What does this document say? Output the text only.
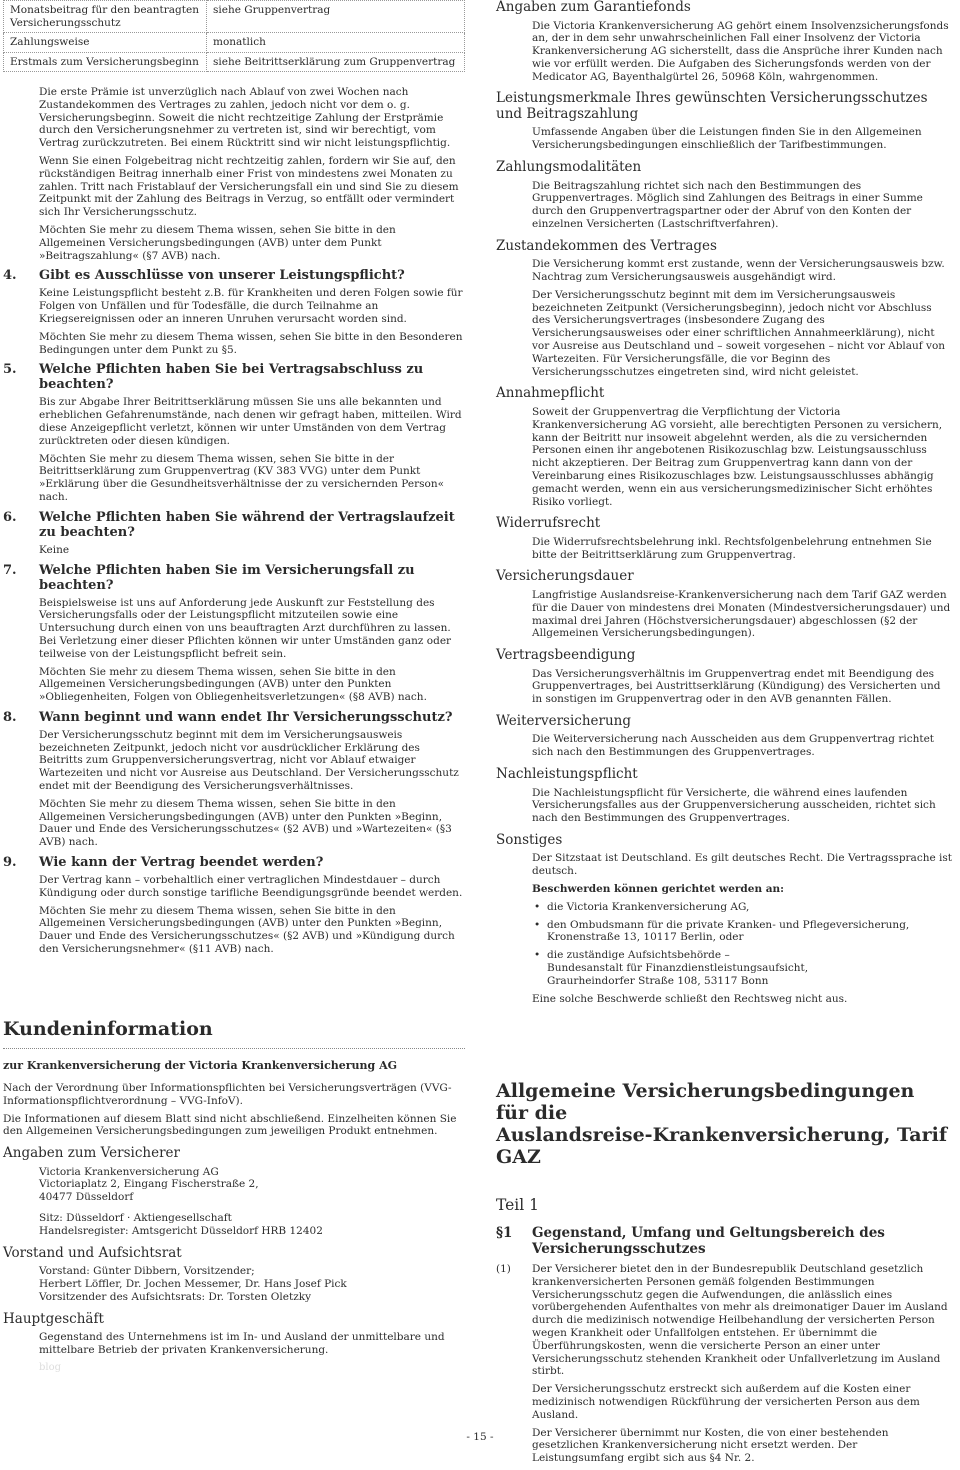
Monatsbeitrag für den beantragten Versicherungsschutz	siehe Gruppenvertrag
Zahlungsweise	monatlich
Erstmals zum Versicherungsbeginn	siehe Beitrittserklärung zum Gruppenvertrag

Die erste Prämie ist unverzüglich nach Ablauf von zwei Wochen nach Zustandekommen des Vertrages zu zahlen, jedoch nicht vor dem o. g. Versicherungsbeginn. Soweit die nicht rechtzeitige Zahlung der Erstprämie durch den Versicherungsnehmer zu vertreten ist, sind wir berechtigt, vom Vertrag zurückzutreten. Bei einem Rücktritt sind wir nicht leistungspflichtig.

Wenn Sie einen Folgebeitrag nicht rechtzeitig zahlen, fordern wir Sie auf, den rückständigen Beitrag innerhalb einer Frist von mindestens zwei Monaten zu zahlen. Tritt nach Fristablauf der Versicherungsfall ein und sind Sie zu diesem Zeitpunkt mit der Zahlung des Beitrags in Verzug, so entfällt oder vermindert sich Ihr Versicherungsschutz.

Möchten Sie mehr zu diesem Thema wissen, sehen Sie bitte in den Allgemeinen Versicherungsbedingungen (AVB) unter dem Punkt »Beitragszahlung« (§7 AVB) nach.

4.	Gibt es Ausschlüsse von unserer Leistungspflicht?

Keine Leistungspflicht besteht z.B. für Krankheiten und deren Folgen sowie für Folgen von Unfällen und für Todesfälle, die durch Teilnahme an Kriegsereignissen oder an inneren Unruhen verursacht worden sind.

Möchten Sie mehr zu diesem Thema wissen, sehen Sie bitte in den Besonderen Bedingungen unter dem Punkt zu §5.

5.	Welche Pflichten haben Sie bei Vertragsabschluss zu beachten?

Bis zur Abgabe Ihrer Beitrittserklärung müssen Sie uns alle bekannten und erheblichen Gefahrenumstände, nach denen wir gefragt haben, mitteilen. Wird diese Anzeigepflicht verletzt, können wir unter Umständen von dem Vertrag zurücktreten oder diesen kündigen.

Möchten Sie mehr zu diesem Thema wissen, sehen Sie bitte in der Beitrittserklärung zum Gruppenvertrag (KV 383 VVG) unter dem Punkt »Erklärung über die Gesundheitsverhältnisse der zu versichernden Person« nach.

6.	Welche Pflichten haben Sie während der Vertragslaufzeit zu beachten?

Keine

7.	Welche Pflichten haben Sie im Versicherungsfall zu beachten?

Beispielsweise ist uns auf Anforderung jede Auskunft zur Feststellung des Versicherungsfalls oder der Leistungspflicht mitzuteilen sowie eine Untersuchung durch einen von uns beauftragten Arzt durchführen zu lassen. Bei Verletzung einer dieser Pflichten können wir unter Umständen ganz oder teilweise von der Leistungspflicht befreit sein.

Möchten Sie mehr zu diesem Thema wissen, sehen Sie bitte in den Allgemeinen Versicherungsbedingungen (AVB) unter den Punkten »Obliegenheiten, Folgen von Obliegenheitsverletzungen« (§8 AVB) nach.

8.	Wann beginnt und wann endet Ihr Versicherungsschutz?

Der Versicherungsschutz beginnt mit dem im Versicherungsausweis bezeichneten Zeitpunkt, jedoch nicht vor ausdrücklicher Erklärung des Beitritts zum Gruppenversicherungsvertrag, nicht vor Ablauf etwaiger Wartezeiten und nicht vor Ausreise aus Deutschland. Der Versicherungsschutz endet mit der Beendigung des Versicherungsverhältnisses.

Möchten Sie mehr zu diesem Thema wissen, sehen Sie bitte in den Allgemeinen Versicherungsbedingungen (AVB) unter den Punkten »Beginn, Dauer und Ende des Versicherungsschutzes« (§2 AVB) und »Wartezeiten« (§3 AVB) nach.

9.	Wie kann der Vertrag beendet werden?

Der Vertrag kann – vorbehaltlich einer vertraglichen Mindestdauer – durch Kündigung oder durch sonstige tarifliche Beendigungsgründe beendet werden.

Möchten Sie mehr zu diesem Thema wissen, sehen Sie bitte in den Allgemeinen Versicherungsbedingungen (AVB) unter den Punkten »Beginn, Dauer und Ende des Versicherungsschutzes« (§2 AVB) und »Kündigung durch den Versicherungsnehmer« (§11 AVB) nach.

Kundeninformation
zur Krankenversicherung der Victoria Krankenversicherung AG

Nach der Verordnung über Informationspflichten bei Versicherungsverträgen (VVG-Informationspflichtverordnung – VVG-InfoV).

Die Informationen auf diesem Blatt sind nicht abschließend. Einzelheiten können Sie den Allgemeinen Versicherungsbedingungen zum jeweiligen Produkt entnehmen.

Angaben zum Versicherer

Victoria Krankenversicherung AG
Victoriaplatz 2, Eingang Fischerstraße 2,
40477 Düsseldorf

Sitz: Düsseldorf · Aktiengesellschaft
Handelsregister: Amtsgericht Düsseldorf HRB 12402

Vorstand und Aufsichtsrat

Vorstand: Günter Dibbern, Vorsitzender;
Herbert Löffler, Dr. Jochen Messemer, Dr. Hans Josef Pick
Vorsitzender des Aufsichtsrats: Dr. Torsten Oletzky

Hauptgeschäft

Gegenstand des Unternehmens ist im In- und Ausland der unmittelbare und mittelbare Betrieb der privaten Krankenversicherung.

blog
Angaben zum Garantiefonds

Die Victoria Krankenversicherung AG gehört einem Insolvenzsicherungsfonds an, der in dem sehr unwahrscheinlichen Fall einer Insolvenz der Victoria Krankenversicherung AG sicherstellt, dass die Ansprüche ihrer Kunden nach wie vor erfüllt werden. Die Aufgaben des Sicherungsfonds werden von der Medicator AG, Bayenthalgürtel 26, 50968 Köln, wahrgenommen.

Leistungsmerkmale Ihres gewünschten Versicherungsschutzes und Beitragszahlung

Umfassende Angaben über die Leistungen finden Sie in den Allgemeinen Versicherungsbedingungen einschließlich der Tarifbestimmungen.

Zahlungsmodalitäten

Die Beitragszahlung richtet sich nach den Bestimmungen des Gruppenvertrages. Möglich sind Zahlungen des Beitrags in einer Summe durch den Gruppenvertragspartner oder der Abruf von den Konten der einzelnen Versicherten (Lastschriftverfahren).

Zustandekommen des Vertrages

Die Versicherung kommt erst zustande, wenn der Versicherungsausweis bzw. Nachtrag zum Versicherungsausweis ausgehändigt wird.

Der Versicherungsschutz beginnt mit dem im Versicherungsausweis bezeichneten Zeitpunkt (Versicherungsbeginn), jedoch nicht vor Abschluss des Versicherungsvertrages (insbesondere Zugang des Versicherungsausweises oder einer schriftlichen Annahmeerklärung), nicht vor Ausreise aus Deutschland und – soweit vorgesehen – nicht vor Ablauf von Wartezeiten. Für Versicherungsfälle, die vor Beginn des Versicherungsschutzes eingetreten sind, wird nicht geleistet.

Annahmepflicht

Soweit der Gruppenvertrag die Verpflichtung der Victoria Krankenversicherung AG vorsieht, alle berechtigten Personen zu versichern, kann der Beitritt nur insoweit abgelehnt werden, als die zu versichernden Personen einen ihr angebotenen Risikozuschlag bzw. Leistungsausschluss nicht akzeptieren. Der Beitrag zum Gruppenvertrag kann dann von der Vereinbarung eines Risikozuschlages bzw. Leistungsausschlusses abhängig gemacht werden, wenn ein aus versicherungsmedizinischer Sicht erhöhtes Risiko vorliegt.

Widerrufsrecht

Die Widerrufsrechtsbelehrung inkl. Rechtsfolgenbelehrung entnehmen Sie bitte der Beitrittserklärung zum Gruppenvertrag.

Versicherungsdauer

Langfristige Auslandsreise-Krankenversicherung nach dem Tarif GAZ werden für die Dauer von mindestens drei Monaten (Mindestversicherungsdauer) und maximal drei Jahren (Höchstversicherungsdauer) abgeschlossen (§2 der Allgemeinen Versicherungsbedingungen).

Vertragsbeendigung

Das Versicherungsverhältnis im Gruppenvertrag endet mit Beendigung des Gruppenvertrages, bei Austrittserklärung (Kündigung) des Versicherten und in sonstigen im Gruppenvertrag oder in den AVB genannten Fällen.

Weiterversicherung

Die Weiterversicherung nach Ausscheiden aus dem Gruppenvertrag richtet sich nach den Bestimmungen des Gruppenvertrages.

Nachleistungspflicht

Die Nachleistungspflicht für Versicherte, die während eines laufenden Versicherungsfalles aus der Gruppenversicherung ausscheiden, richtet sich nach den Bestimmungen des Gruppenvertrages.

Sonstiges

Der Sitzstaat ist Deutschland. Es gilt deutsches Recht. Die Vertragssprache ist deutsch.

Beschwerden können gerichtet werden an:

• die Victoria Krankenversicherung AG,
• den Ombudsmann für die private Kranken- und Pflegeversicherung,
Kronenstraße 13, 10117 Berlin, oder
• die zuständige Aufsichtsbehörde –
Bundesanstalt für Finanzdienstleistungsaufsicht,
Graurheindorfer Straße 108, 53117 Bonn

Eine solche Beschwerde schließt den Rechtsweg nicht aus.

Allgemeine Versicherungsbedingungen für die
Auslandsreise-Krankenversicherung, Tarif GAZ
Teil 1
§1	Gegenstand, Umfang und Geltungsbereich des Versicherungsschutzes
(1)	Der Versicherer bietet den in der Bundesrepublik Deutschland gesetzlich krankenversicherten Personen gemäß folgenden Bestimmungen Versicherungsschutz gegen die Aufwendungen, die anlässlich eines vorübergehenden Aufenthaltes von mehr als dreimonatiger Dauer im Ausland durch die medizinisch notwendige Heilbehandlung der versicherten Person wegen Krankheit oder Unfallfolgen entstehen. Er übernimmt die Überführungskosten, wenn die versicherte Person an einer unter Versicherungsschutz stehenden Krankheit oder Unfallverletzung im Ausland stirbt.

Der Versicherungsschutz erstreckt sich außerdem auf die Kosten einer medizinisch notwendigen Rückführung der versicherten Person aus dem Ausland.

Der Versicherer übernimmt nur Kosten, die von einer bestehenden gesetzlichen Krankenversicherung nicht ersetzt werden. Der Leistungsumfang ergibt sich aus §4 Nr. 2.

- 15 -
